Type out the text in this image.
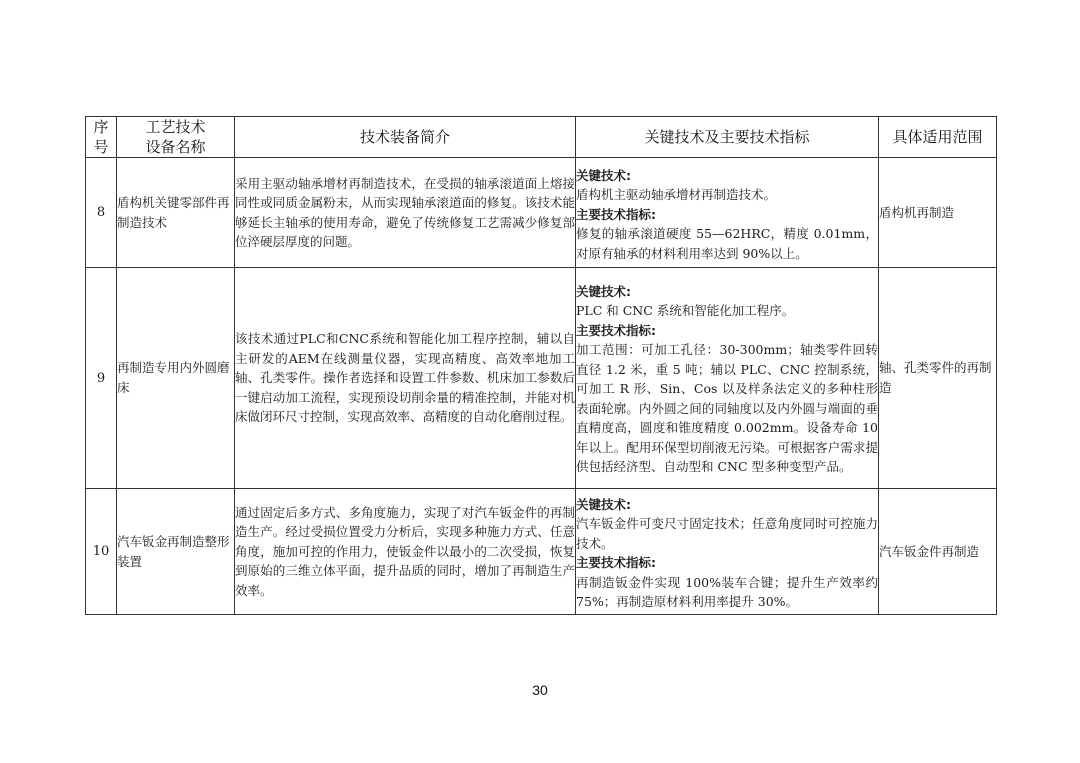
序号	工艺技术设备名称	技术装备简介	关键技术及主要技术指标	具体适用范围
8	盾构机关键零部件再制造技术	采用主驱动轴承增材再制造技术，在受损的轴承滚道面上熔接同性或同质金属粉末，从而实现轴承滚道面的修复。该技术能够延长主轴承的使用寿命，避免了传统修复工艺需减少修复部位淬硬层厚度的问题。	关键技术:
盾构机主驱动轴承增材再制造技术。
主要技术指标:
修复的轴承滚道硬度 55—62HRC，精度 0.01mm，对原有轴承的材料利用率达到 90%以上。	盾构机再制造
9	再制造专用内外圆磨床	该技术通过PLC和CNC系统和智能化加工程序控制，辅以自主研发的AEM在线测量仪器，实现高精度、高效率地加工轴、孔类零件。操作者选择和设置工件参数、机床加工参数后一键启动加工流程，实现预设切削余量的精准控制，并能对机床做闭环尺寸控制，实现高效率、高精度的自动化磨削过程。	关键技术:
PLC 和 CNC 系统和智能化加工程序。
主要技术指标:
加工范围：可加工孔径：30-300mm；轴类零件回转直径 1.2 米，重 5 吨；辅以 PLC、CNC 控制系统，可加工 R 形、Sin、Cos 以及样条法定义的多种柱形表面轮廓。内外圆之间的同轴度以及内外圆与端面的垂直精度高，圆度和锥度精度 0.002mm。设备寿命 10 年以上。配用环保型切削液无污染。可根据客户需求提供包括经济型、自动型和 CNC 型多种变型产品。	轴、孔类零件的再制造
10	汽车钣金再制造整形装置	通过固定后多方式、多角度施力，实现了对汽车钣金件的再制造生产。经过受损位置受力分析后，实现多种施力方式、任意角度，施加可控的作用力，使钣金件以最小的二次受损，恢复到原始的三维立体平面，提升品质的同时，增加了再制造生产效率。	关键技术:
汽车钣金件可变尺寸固定技术；任意角度同时可控施力技术。
主要技术指标:
再制造钣金件实现 100%装车合键；提升生产效率约 75%；再制造原材料利用率提升 30%。	汽车钣金件再制造
30
